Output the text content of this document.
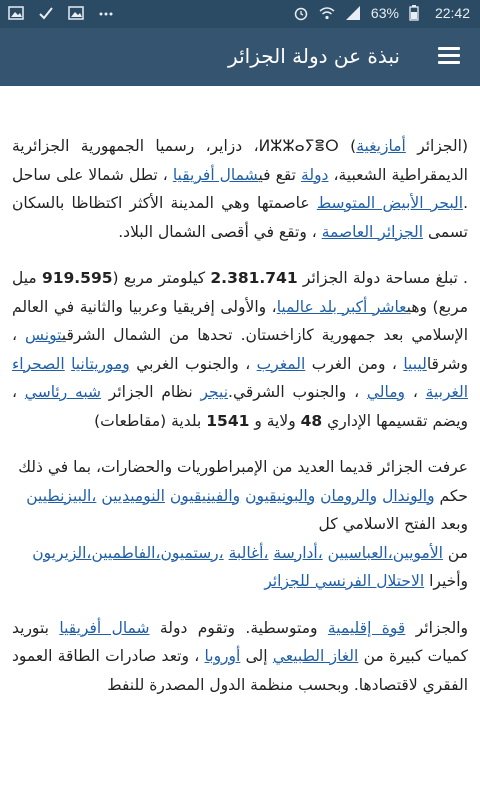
63%	22:42
نبذة عن دولة الجزائر

(الجزائر أمازيغية) ⵍⵣⵣⴰⵢⴻⵔ، دزاير، رسميا الجمهورية الجزائرية الديمقراطية الشعبية، دولة تقع فيشمال أفريقيا ، تطل شمالا على ساحل .البحر الأبيض المتوسط عاصمتها وهي المدينة الأكثر اكتظاظا بالسكان تسمى الجزائر العاصمة ، وتقع في أقصى الشمال البلاد.

. تبلغ مساحة دولة الجزائر 2.381.741 كيلومتر مربع (919.595 ميل مربع) وهيعاشر أكبر بلد عالميا، والأولى إفريقيا وعربيا والثانية في العالم الإسلامي بعد جمهورية كازاخستان. تحدها من الشمال الشرقيتونس ، وشرقاليبيا ، ومن الغرب المغرب ، والجنوب الغربي وموريتانيا الصحراء الغربية ، ومالي ، والجنوب الشرقي.نيجر نظام الجزائر شبه رئاسي ، ويضم تقسيمها الإداري 48 ولاية و 1541 بلدية (مقاطعات)

عرفت الجزائر قديما العديد من الإمبراطوريات والحضارات، بما في ذلك

حكم والوندال والرومان والبونيقيون والفينيقيون النوميديين ،البيزنطيين
وبعد الفتح الاسلامي كل

من الأمويين،العباسيين ،أدارسة ،أغالبة ،رستميون،الفاطميين،الزيريون
وأخيرا الاحتلال الفرنسي للجزائر

والجزائر قوة إقليمية ومتوسطية. وتقوم دولة شمال أفريقيا بتوريد كميات كبيرة من الغاز الطبيعي إلى أوروبا ، وتعد صادرات الطاقة العمود الفقري لاقتصادها. وبحسب منظمة الدول المصدرة للنفط
